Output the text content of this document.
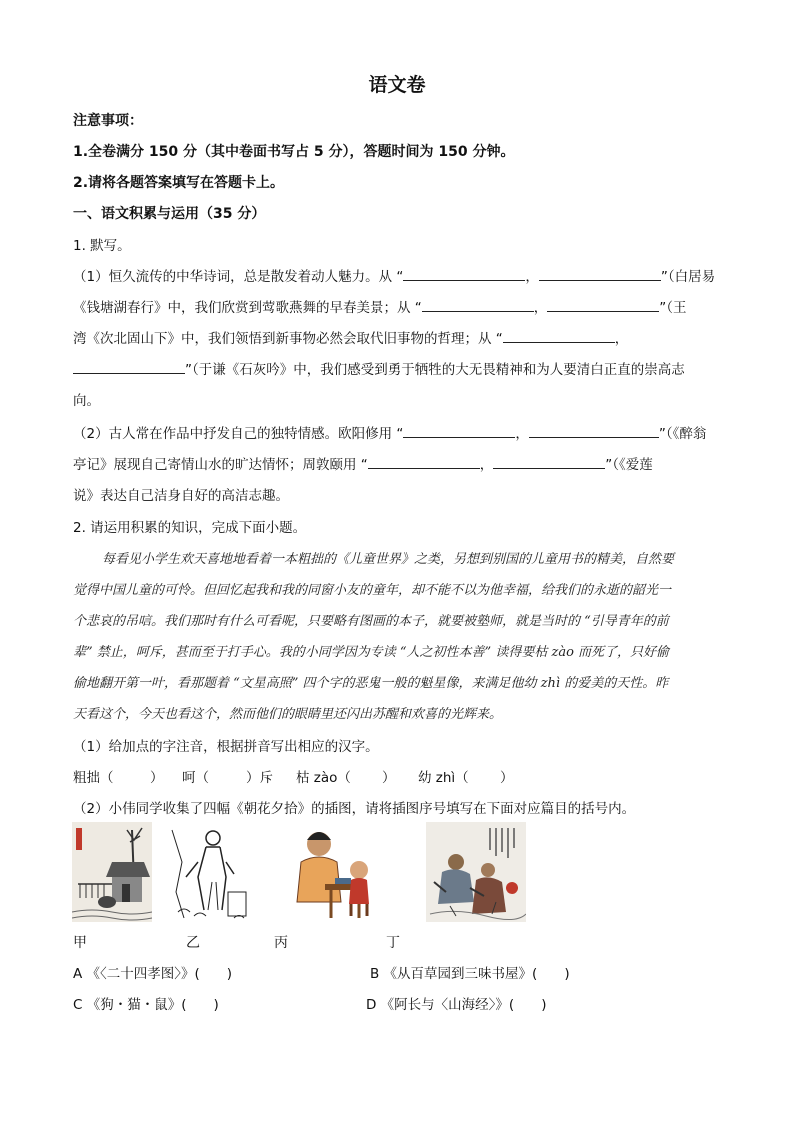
语文卷
注意事项：
1.全卷满分 150 分（其中卷面书写占 5 分），答题时间为 150 分钟。
2.请将各题答案填写在答题卡上。
一、语文积累与运用（35 分）
1. 默写。
（1）恒久流传的中华诗词，总是散发着动人魅力。从 “	，	”（白居易
《钱塘湖春行》中，我们欣赏到莺歌燕舞的早春美景；从 “	，	”（王
湾《次北固山下》中，我们领悟到新事物必然会取代旧事物的哲理；从 “	，
”（于谦《石灰吟》中，我们感受到勇于牺牲的大无畏精神和为人要清白正直的崇高志
向。
（2）古人常在作品中抒发自己的独特情感。欧阳修用 “	，	”（《醉翁
亭记》展现自己寄情山水的旷达情怀；周敦颐用 “	，	”（《爱莲
说》表达自己洁身自好的高洁志趣。
2. 请运用积累的知识，完成下面小题。
每看见小学生欢天喜地地看着一本粗拙的《儿童世界》之类，另想到别国的儿童用书的精美，自然要
觉得中国儿童的可怜。但回忆起我和我的同窗小友的童年，却不能不以为他幸福，给我们的永逝的韶光一
个悲哀的吊唁。我们那时有什么可看呢，只要略有图画的本子，就要被塾师，就是当时的 “引导青年的前
辈” 禁止，呵斥，甚而至于打手心。我的小同学因为专读 “人之初性本善” 读得要枯 zào 而死了，只好偷
偷地翻开第一叶，看那题着 “文星高照” 四个字的恶鬼一般的魁星像，来满足他幼 zhì 的爱美的天性。昨
天看这个，今天也看这个，然而他们的眼睛里还闪出苏醒和欢喜的光辉来。
（1）给加点的字注音，根据拼音写出相应的汉字。
粗拙（	） 呵（	）斥 枯 zào（ ） 幼 zhì（ ）
（2）小伟同学收集了四幅《朝花夕拾》的插图，请将插图序号填写在下面对应篇目的括号内。
甲	乙	丙	丁
A 《〈二十四孝图〉》(　　)	B 《从百草园到三味书屋》(　　)
C 《狗・猫・鼠》(　　)	D 《阿长与〈山海经〉》(　　)
